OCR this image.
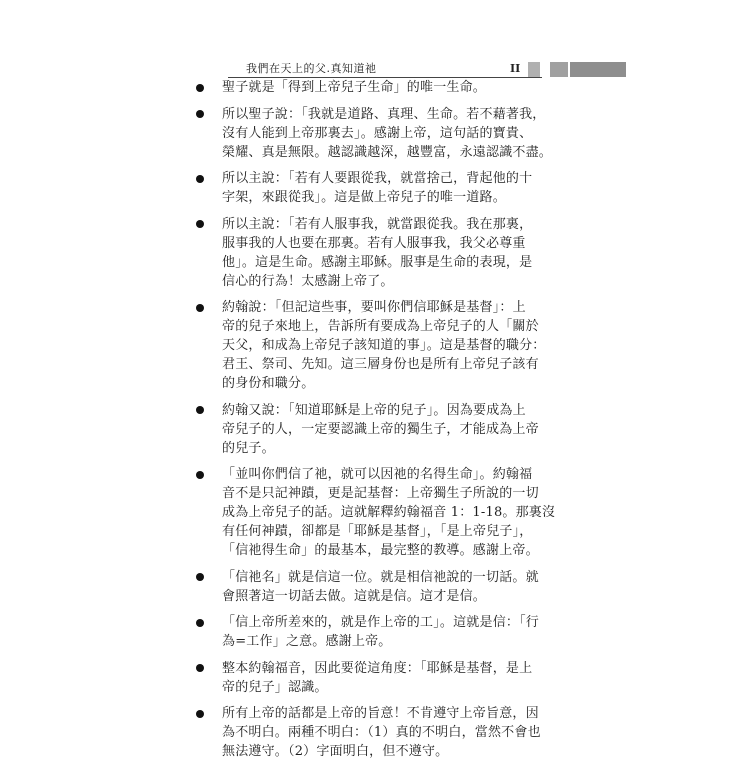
我們在天上的父.真知道祂	II
聖子就是「得到上帝兒子生命」的唯一生命。
所以聖子說：「我就是道路、真理、生命。若不藉著我，
沒有人能到上帝那裏去」。感謝上帝，這句話的寶貴、
榮耀、真是無限。越認識越深，越豐富，永遠認識不盡。
所以主說：「若有人要跟從我，就當捨己，背起他的十
字架，來跟從我」。這是做上帝兒子的唯一道路。
所以主說：「若有人服事我，就當跟從我。我在那裏，
服事我的人也要在那裏。若有人服事我，我父必尊重
他」。這是生命。感謝主耶穌。服事是生命的表現，是
信心的行為！太感謝上帝了。
約翰說：「但記這些事，要叫你們信耶穌是基督」：上
帝的兒子來地上，告訴所有要成為上帝兒子的人「關於
天父，和成為上帝兒子該知道的事」。這是基督的職分：
君王、祭司、先知。這三層身份也是所有上帝兒子該有
的身份和職分。
約翰又說：「知道耶穌是上帝的兒子」。因為要成為上
帝兒子的人，一定要認識上帝的獨生子，才能成為上帝
的兒子。
「並叫你們信了祂，就可以因祂的名得生命」。約翰福
音不是只記神蹟，更是記基督：上帝獨生子所說的一切
成為上帝兒子的話。這就解釋約翰福音 1：1-18。那裏沒
有任何神蹟，卻都是「耶穌是基督」，「是上帝兒子」，
「信祂得生命」的最基本，最完整的教導。感謝上帝。
「信祂名」就是信這一位。就是相信祂說的一切話。就
會照著這一切話去做。這就是信。這才是信。
「信上帝所差來的，就是作上帝的工」。這就是信：「行
為=工作」之意。感謝上帝。
整本約翰福音，因此要從這角度：「耶穌是基督，是上
帝的兒子」認識。
所有上帝的話都是上帝的旨意！不肯遵守上帝旨意，因
為不明白。兩種不明白：（1）真的不明白，當然不會也
無法遵守。（2）字面明白，但不遵守。
